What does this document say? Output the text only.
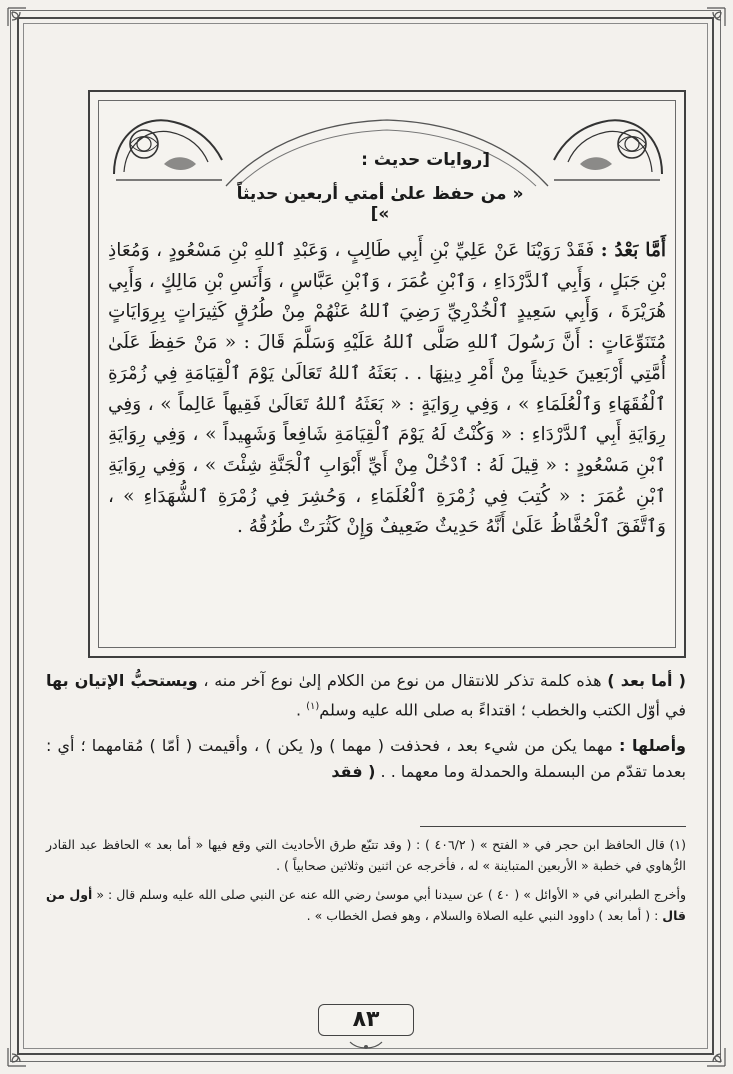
[روايات حديث :
« من حفظ علىٰ أمتي أربعين حديثاً »]

أَمَّا بَعْدُ : فَقَدْ رَوَيْنَا عَنْ عَلِيِّ بْنِ أَبِي طَالِبٍ ، وَعَبْدِ ٱللهِ بْنِ مَسْعُودٍ ، وَمُعَاذِ بْنِ جَبَلٍ ، وَأَبِي ٱلدَّرْدَاءِ ، وَٱبْنِ عُمَرَ ، وَٱبْنِ عَبَّاسٍ ، وَأَنَسِ بْنِ مَالِكٍ ، وَأَبِي هُرَيْرَةَ ، وَأَبِي سَعِيدٍ ٱلْخُدْرِيِّ رَضِيَ ٱللهُ عَنْهُمْ مِنْ طُرُقٍ كَثِيرَاتٍ بِرِوَايَاتٍ مُتَنَوِّعَاتٍ : أَنَّ رَسُولَ ٱللهِ صَلَّى ٱللهُ عَلَيْهِ وَسَلَّمَ قَالَ : « مَنْ حَفِظَ عَلَىٰ أُمَّتِي أَرْبَعِينَ حَدِيثاً مِنْ أَمْرِ دِينِهَا . . بَعَثَهُ ٱللهُ تَعَالَىٰ يَوْمَ ٱلْقِيَامَةِ فِي زُمْرَةِ ٱلْفُقَهَاءِ وَٱلْعُلَمَاءِ » ، وَفِي رِوَايَةٍ : « بَعَثَهُ ٱللهُ تَعَالَىٰ فَقِيهاً عَالِماً » ، وَفِي رِوَايَةِ أَبِي ٱلدَّرْدَاءِ : « وَكُنْتُ لَهُ يَوْمَ ٱلْقِيَامَةِ شَافِعاً وَشَهِيداً » ، وَفِي رِوَايَةِ ٱبْنِ مَسْعُودٍ : « قِيلَ لَهُ : ٱدْخُلْ مِنْ أَيِّ أَبْوَابِ ٱلْجَنَّةِ شِئْتَ » ، وَفِي رِوَايَةِ ٱبْنِ عُمَرَ : « كُتِبَ فِي زُمْرَةِ ٱلْعُلَمَاءِ ، وَحُشِرَ فِي زُمْرَةِ ٱلشُّهَدَاءِ » ، وَٱتَّفَقَ ٱلْحُفَّاظُ عَلَىٰ أَنَّهُ حَدِيثٌ ضَعِيفٌ وَإِنْ كَثُرَتْ طُرُقُهُ .

( أما بعد ) هذه كلمة تذكر للانتقال من نوع من الكلام إلىٰ نوع آخر منه ، ويستحبُّ الإتيان بها في أوّل الكتب والخطب ؛ اقتداءً به صلى الله عليه وسلم$^{(١)}$ .

وأصلها : مهما يكن من شيء بعد ، فحذفت ( مهما ) و( يكن ) ، وأقيمت ( أمّا ) مُقامهما ؛ أي : بعدما تقدّم من البسملة والحمدلة وما معهما . . ( فقد

(١) قال الحافظ ابن حجر في « الفتح » ( ٤٠٦/٢ ) : ( وقد تتبّع طرق الأحاديث التي وقع فيها « أما بعد » الحافظ عبد القادر الرُّهاوي في خطبة « الأربعين المتباينة » له ، فأخرجه عن اثنين وثلاثين صحابياً ) .

وأخرج الطبراني في « الأوائل » ( ٤٠ ) عن سيدنا أبي موسىٰ رضي الله عنه عن النبي صلى الله عليه وسلم قال : « أول من قال : ( أما بعد ) داوود النبي عليه الصلاة والسلام ، وهو فصل الخطاب » .

٨٣
